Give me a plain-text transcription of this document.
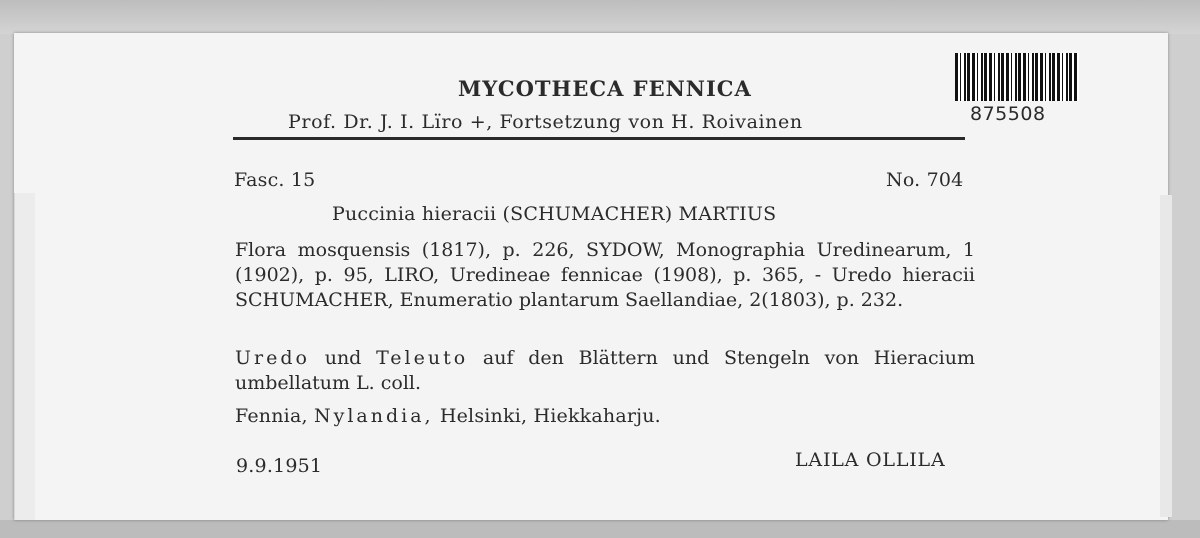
MYCOTHECA FENNICA
Prof. Dr. J. I. Lïro +, Fortsetzung von H. Roivainen	875508
Fasc. 15	No. 704
Puccinia hieracii (SCHUMACHER) MARTIUS
Flora mosquensis (1817), p. 226, SYDOW, Monographia Uredinearum, 1 (1902), p. 95, LIRO, Uredineae fennicae (1908), p. 365, - Uredo hieracii SCHUMACHER, Enumeratio plantarum Saellandiae, 2(1803), p. 232.
Uredo und Teleuto auf den Blättern und Stengeln von Hieracium umbellatum L. coll.
Fennia, Nylandia, Helsinki, Hiekkaharju.
9.9.1951	LAILA OLLILA
